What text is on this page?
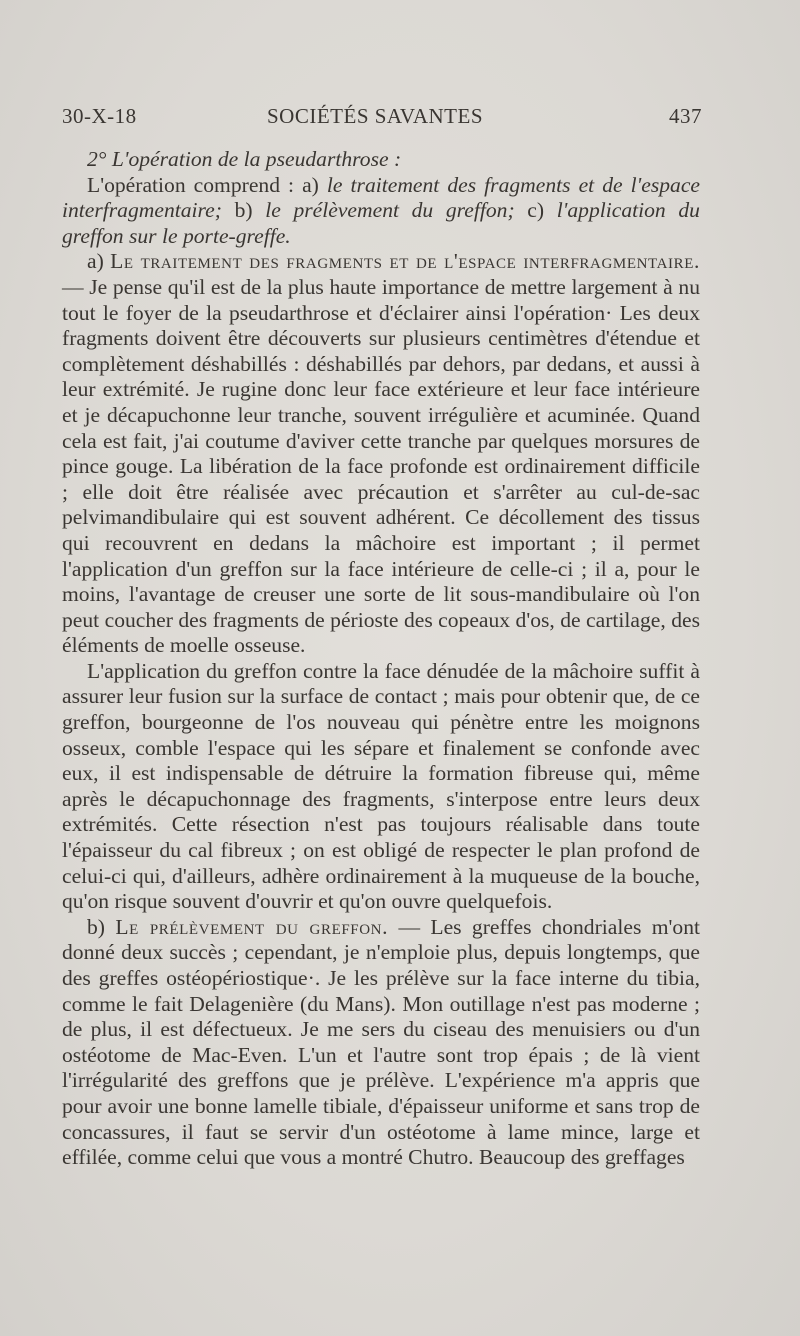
30-X-18	SOCIÉTÉS SAVANTES	437

2° L'opération de la pseudarthrose :

L'opération comprend : a) le traitement des fragments et de l'espace interfragmentaire; b) le prélèvement du greffon; c) l'application du greffon sur le porte-greffe.

a) Le traitement des fragments et de l'espace interfragmentaire. — Je pense qu'il est de la plus haute importance de mettre largement à nu tout le foyer de la pseudarthrose et d'éclairer ainsi l'opération· Les deux fragments doivent être découverts sur plusieurs centimètres d'étendue et complètement déshabillés : déshabillés par dehors, par dedans, et aussi à leur extrémité. Je rugine donc leur face extérieure et leur face intérieure et je décapuchonne leur tranche, souvent irrégulière et acuminée. Quand cela est fait, j'ai coutume d'aviver cette tranche par quelques morsures de pince gouge. La libération de la face profonde est ordinairement difficile ; elle doit être réalisée avec précaution et s'arrêter au cul-de-sac pelvimandibulaire qui est souvent adhérent. Ce décollement des tissus qui recouvrent en dedans la mâchoire est important ; il permet l'application d'un greffon sur la face intérieure de celle-ci ; il a, pour le moins, l'avantage de creuser une sorte de lit sous-mandibulaire où l'on peut coucher des fragments de périoste des copeaux d'os, de cartilage, des éléments de moelle osseuse.

L'application du greffon contre la face dénudée de la mâchoire suffit à assurer leur fusion sur la surface de contact ; mais pour obtenir que, de ce greffon, bourgeonne de l'os nouveau qui pénètre entre les moignons osseux, comble l'espace qui les sépare et finalement se confonde avec eux, il est indispensable de détruire la formation fibreuse qui, même après le décapuchonnage des fragments, s'interpose entre leurs deux extrémités. Cette résection n'est pas toujours réalisable dans toute l'épaisseur du cal fibreux ; on est obligé de respecter le plan profond de celui-ci qui, d'ailleurs, adhère ordinairement à la muqueuse de la bouche, qu'on risque souvent d'ouvrir et qu'on ouvre quelquefois.

b) Le prélèvement du greffon. — Les greffes chondriales m'ont donné deux succès ; cependant, je n'emploie plus, depuis longtemps, que des greffes ostéopériostique·. Je les prélève sur la face interne du tibia, comme le fait Delagenière (du Mans). Mon outillage n'est pas moderne ; de plus, il est défectueux. Je me sers du ciseau des menuisiers ou d'un ostéotome de Mac-Even. L'un et l'autre sont trop épais ; de là vient l'irrégularité des greffons que je prélève. L'expérience m'a appris que pour avoir une bonne lamelle tibiale, d'épaisseur uniforme et sans trop de concassures, il faut se servir d'un ostéotome à lame mince, large et effilée, comme celui que vous a montré Chutro. Beaucoup des greffages
